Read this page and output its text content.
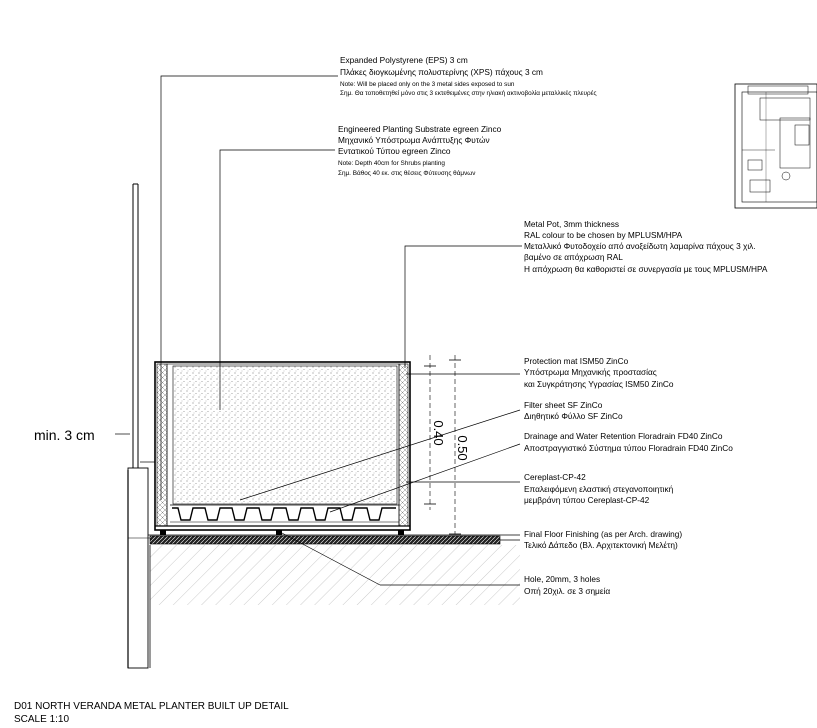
Expanded Polystyrene (EPS) 3 cm
Πλάκες διογκωμένης πολυστερίνης (XPS) πάχους 3 cm
Note: Will be placed only on the 3 metal sides exposed to sun
Σημ. Θα τοποθετηθεί μόνο στις 3 εκτεθειμένες στην ηλιακή ακτινοβολία μεταλλικές πλευρές
Engineered Planting Substrate egreen Zinco
Μηχανικό Υπόστρωμα Ανάπτυξης Φυτών
Εντατικού Τύπου egreen Zinco
Note: Depth 40cm for Shrubs planting
Σημ. Βάθος 40 εκ. στις θέσεις Φύτευσης θάμνων
Metal Pot, 3mm thickness
RAL colour to be chosen by MPLUSM/HPA
Μεταλλικό Φυτοδοχείο από ανοξείδωτη λαμαρίνα πάχους 3 χιλ.
βαμένο σε απόχρωση RAL
Η απόχρωση θα καθοριστεί σε συνεργασία με τους MPLUSM/HPA
Protection mat ISM50 ZinCo
Υπόστρωμα Μηχανικής προστασίας
και Συγκράτησης Υγρασίας ISM50 ZinCo
Filter sheet SF ZinCo
Διηθητικό Φύλλο SF ZinCo
Drainage and Water Retention Floradrain FD40 ZinCo
Αποστραγγιστικό Σύστημα τύπου Floradrain FD40 ZinCo
Cereplast-CP-42
Επαλειφόμενη ελαστική στεγανοποιητική
μεμβράνη τύπου Cereplast-CP-42
Final Floor Finishing (as per Arch. drawing)
Τελικό Δάπεδο (Βλ. Αρχιτεκτονική Μελέτη)
Hole, 20mm, 3 holes
Οπή 20χιλ. σε 3 σημεία
min. 3 cm	0.40
0.50
D01 NORTH VERANDA METAL PLANTER BUILT UP DETAIL
SCALE 1:10
